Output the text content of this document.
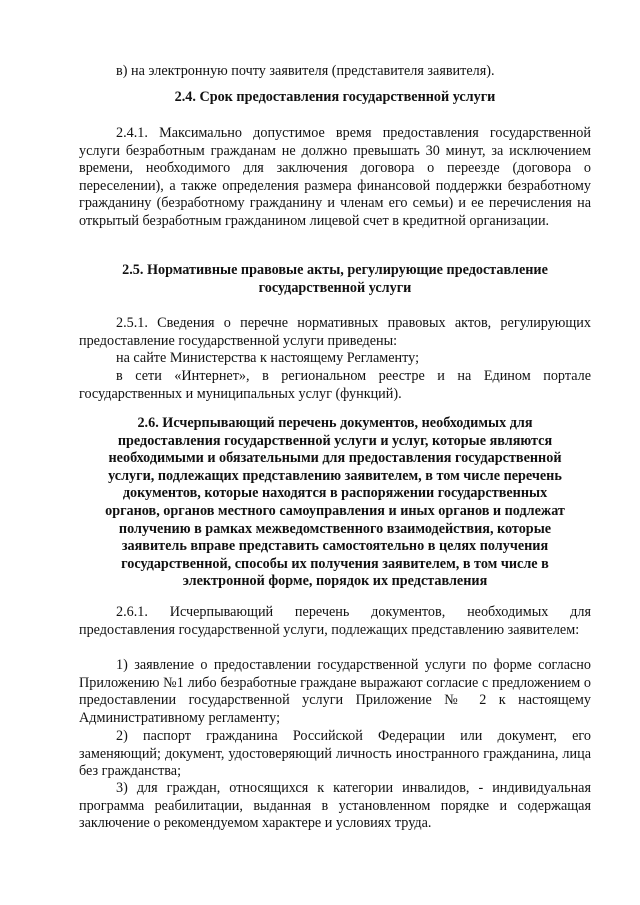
в) на электронную почту заявителя (представителя заявителя).

2.4. Срок предоставления государственной услуги

2.4.1. Максимально допустимое время предоставления государственной услуги безработным гражданам не должно превышать 30 минут, за исключением времени, необходимого для заключения договора о переезде (договора о переселении), а также определения размера финансовой поддержки безработному гражданину (безработному гражданину и членам его семьи) и ее перечисления на открытый безработным гражданином лицевой счет в кредитной организации.

2.5. Нормативные правовые акты, регулирующие предоставление государственной услуги

2.5.1. Сведения о перечне нормативных правовых актов, регулирующих предоставление государственной услуги приведены:

на сайте Министерства к настоящему Регламенту;

в сети «Интернет», в региональном реестре и на Едином портале государственных и муниципальных услуг (функций).

2.6. Исчерпывающий перечень документов, необходимых для предоставления государственной услуги и услуг, которые являются необходимыми и обязательными для предоставления государственной услуги, подлежащих представлению заявителем, в том числе перечень документов, которые находятся в распоряжении государственных органов, органов местного самоуправления и иных органов и подлежат получению в рамках межведомственного взаимодействия, которые заявитель вправе представить самостоятельно в целях получения государственной, способы их получения заявителем, в том числе в электронной форме, порядок их представления

2.6.1. Исчерпывающий перечень документов, необходимых для предоставления государственной услуги, подлежащих представлению заявителем:

1) заявление о предоставлении государственной услуги по форме согласно Приложению №1 либо безработные граждане выражают согласие с предложением о предоставлении государственной услуги Приложение № 2 к настоящему Административному регламенту;

2) паспорт гражданина Российской Федерации или документ, его заменяющий; документ, удостоверяющий личность иностранного гражданина, лица без гражданства;

3) для граждан, относящихся к категории инвалидов, - индивидуальная программа реабилитации, выданная в установленном порядке и содержащая заключение о рекомендуемом характере и условиях труда.
